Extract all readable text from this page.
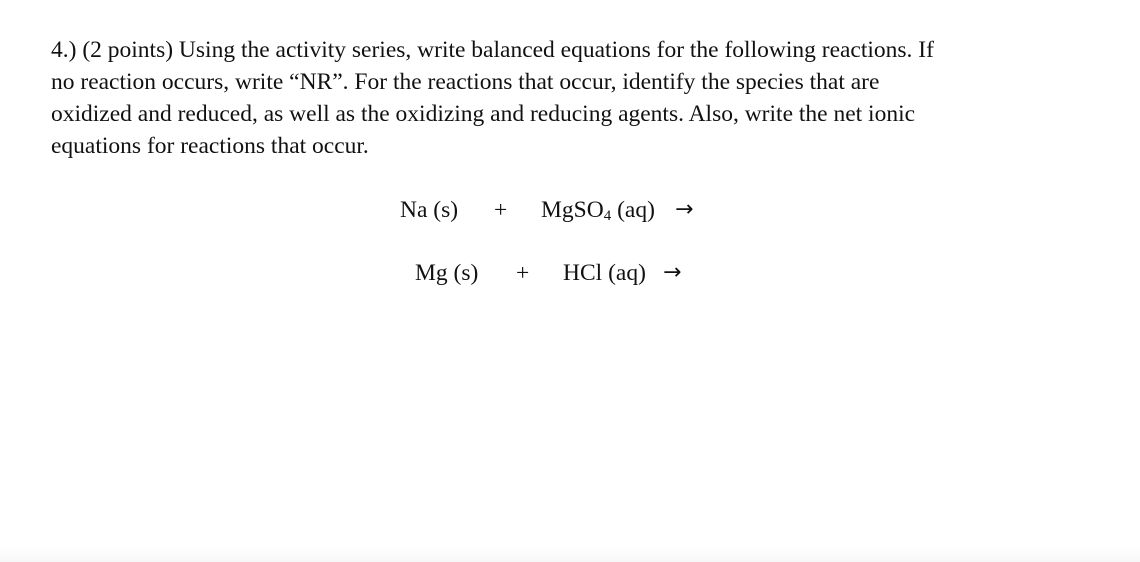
4.) (2 points) Using the activity series, write balanced equations for the following reactions. If
no reaction occurs, write “NR”. For the reactions that occur, identify the species that are
oxidized and reduced, as well as the oxidizing and reducing agents. Also, write the net ionic
equations for reactions that occur.
Na (s) + MgSO$_4$ (aq) →
Mg (s) + HCl (aq) →
